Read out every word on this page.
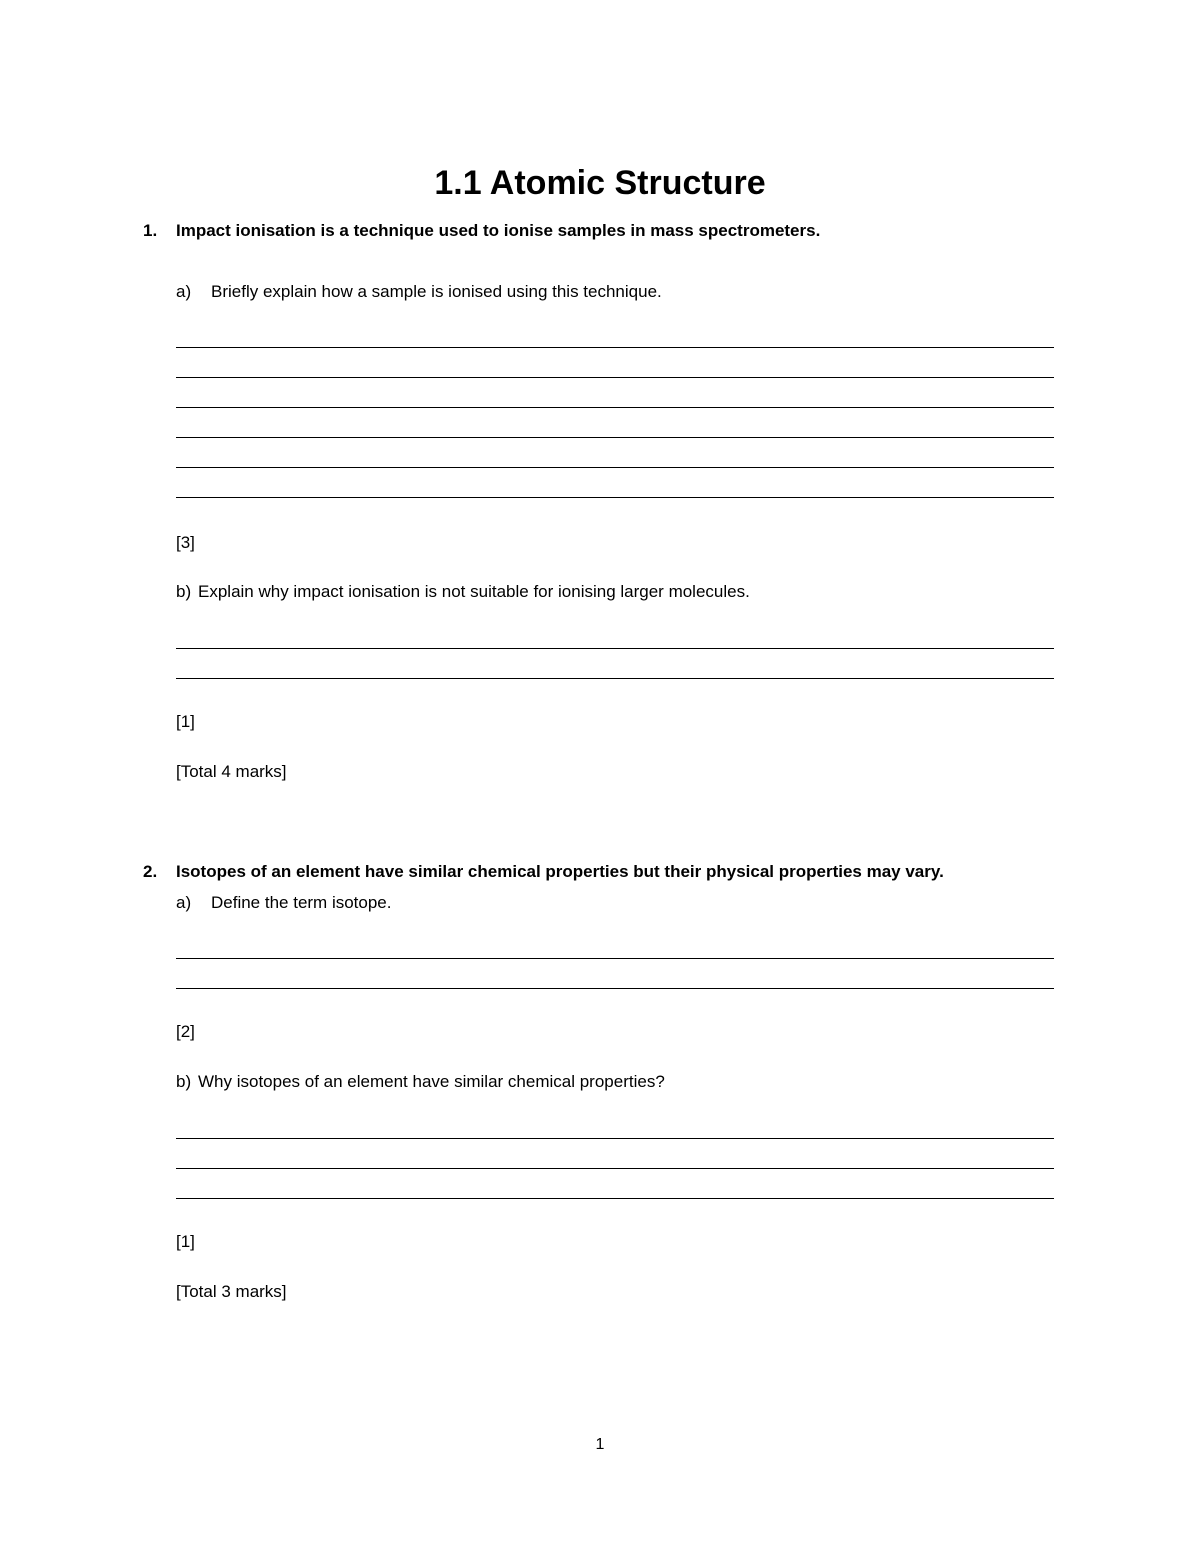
1.1 Atomic Structure
1. Impact ionisation is a technique used to ionise samples in mass spectrometers.
a) Briefly explain how a sample is ionised using this technique.
[3]
b) Explain why impact ionisation is not suitable for ionising larger molecules.
[1]
[Total 4 marks]
2. Isotopes of an element have similar chemical properties but their physical properties may vary.
a) Define the term isotope.
[2]
b) Why isotopes of an element have similar chemical properties?
[1]
[Total 3 marks]
1
